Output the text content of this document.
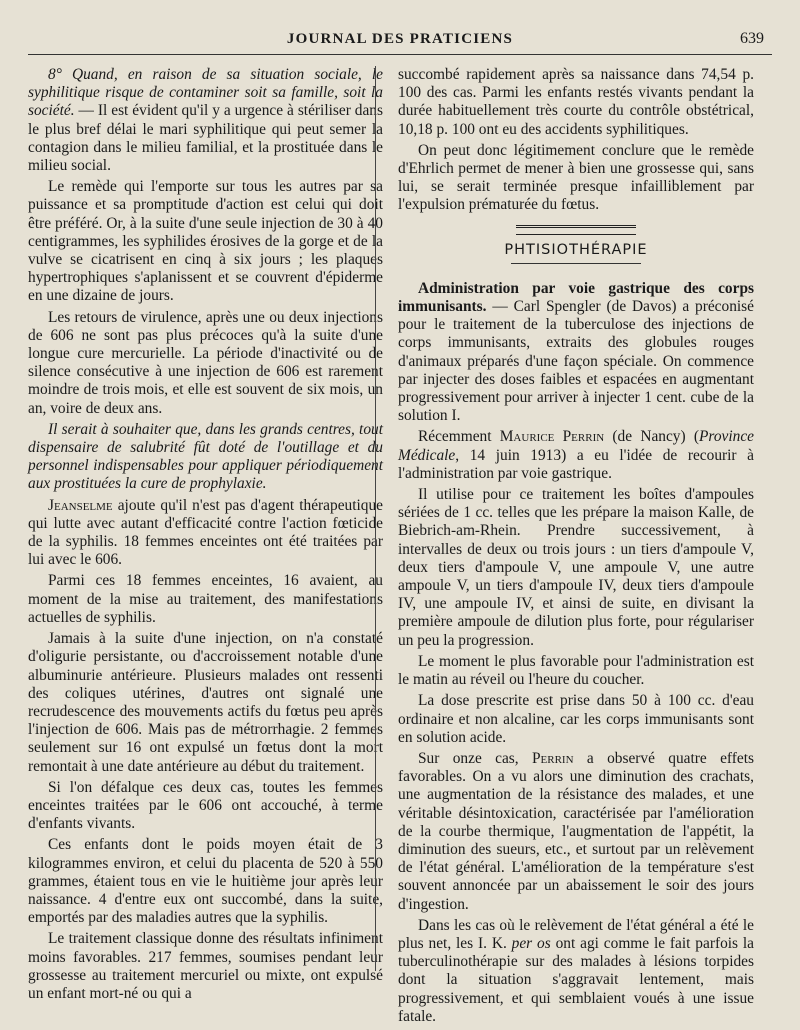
JOURNAL DES PRATICIENS	639

8° Quand, en raison de sa situation sociale, le syphilitique risque de contaminer soit sa famille, soit la société. — Il est évident qu'il y a urgence à stériliser dans le plus bref délai le mari syphilitique qui peut semer la contagion dans le milieu familial, et la prostituée dans le milieu social.

Le remède qui l'emporte sur tous les autres par sa puissance et sa promptitude d'action est celui qui doit être préféré. Or, à la suite d'une seule injection de 30 à 40 centigrammes, les syphilides érosives de la gorge et de la vulve se cicatrisent en cinq à six jours ; les plaques hypertrophiques s'aplanissent et se couvrent d'épiderme en une dizaine de jours.

Les retours de virulence, après une ou deux injections de 606 ne sont pas plus précoces qu'à la suite d'une longue cure mercurielle. La période d'inactivité ou de silence consécutive à une injection de 606 est rarement moindre de trois mois, et elle est souvent de six mois, un an, voire de deux ans.

Il serait à souhaiter que, dans les grands centres, tout dispensaire de salubrité fût doté de l'outillage et du personnel indispensables pour appliquer périodiquement aux prostituées la cure de prophylaxie.

Jeanselme ajoute qu'il n'est pas d'agent thérapeutique qui lutte avec autant d'efficacité contre l'action fœticide de la syphilis. 18 femmes enceintes ont été traitées par lui avec le 606.

Parmi ces 18 femmes enceintes, 16 avaient, au moment de la mise au traitement, des manifestations actuelles de syphilis.

Jamais à la suite d'une injection, on n'a constaté d'oligurie persistante, ou d'accroissement notable d'une albuminurie antérieure. Plusieurs malades ont ressenti des coliques utérines, d'autres ont signalé une recrudescence des mouvements actifs du fœtus peu après l'injection de 606. Mais pas de métrorrhagie. 2 femmes seulement sur 16 ont expulsé un fœtus dont la mort remontait à une date antérieure au début du traitement.

Si l'on défalque ces deux cas, toutes les femmes enceintes traitées par le 606 ont accouché, à terme d'enfants vivants.

Ces enfants dont le poids moyen était de 3 kilogrammes environ, et celui du placenta de 520 à 550 grammes, étaient tous en vie le huitième jour après leur naissance. 4 d'entre eux ont succombé, dans la suite, emportés par des maladies autres que la syphilis.

Le traitement classique donne des résultats infiniment moins favorables. 217 femmes, soumises pendant leur grossesse au traitement mercuriel ou mixte, ont expulsé un enfant mort-né ou qui a

succombé rapidement après sa naissance dans 74,54 p. 100 des cas. Parmi les enfants restés vivants pendant la durée habituellement très courte du contrôle obstétrical, 10,18 p. 100 ont eu des accidents syphilitiques.

On peut donc légitimement conclure que le remède d'Ehrlich permet de mener à bien une grossesse qui, sans lui, se serait terminée presque infailliblement par l'expulsion prématurée du fœtus.

PHTISIOTHÉRAPIE

Administration par voie gastrique des corps immunisants. — Carl Spengler (de Davos) a préconisé pour le traitement de la tuberculose des injections de corps immunisants, extraits des globules rouges d'animaux préparés d'une façon spéciale. On commence par injecter des doses faibles et espacées en augmentant progressivement pour arriver à injecter 1 cent. cube de la solution I.

Récemment Maurice Perrin (de Nancy) (Province Médicale, 14 juin 1913) a eu l'idée de recourir à l'administration par voie gastrique.

Il utilise pour ce traitement les boîtes d'ampoules sériées de 1 cc. telles que les prépare la maison Kalle, de Biebrich-am-Rhein. Prendre successivement, à intervalles de deux ou trois jours : un tiers d'ampoule V, deux tiers d'ampoule V, une ampoule V, une autre ampoule V, un tiers d'ampoule IV, deux tiers d'ampoule IV, une ampoule IV, et ainsi de suite, en divisant la première ampoule de dilution plus forte, pour régulariser un peu la progression.

Le moment le plus favorable pour l'administration est le matin au réveil ou l'heure du coucher.

La dose prescrite est prise dans 50 à 100 cc. d'eau ordinaire et non alcaline, car les corps immunisants sont en solution acide.

Sur onze cas, Perrin a observé quatre effets favorables. On a vu alors une diminution des crachats, une augmentation de la résistance des malades, et une véritable désintoxication, caractérisée par l'amélioration de la courbe thermique, l'augmentation de l'appétit, la diminution des sueurs, etc., et surtout par un relèvement de l'état général. L'amélioration de la température s'est souvent annoncée par un abaissement le soir des jours d'ingestion.

Dans les cas où le relèvement de l'état général a été le plus net, les I. K. per os ont agi comme le fait parfois la tuberculinothérapie sur des malades à lésions torpides dont la situation s'aggravait lentement, mais progressivement, et qui semblaient voués à une issue fatale.
